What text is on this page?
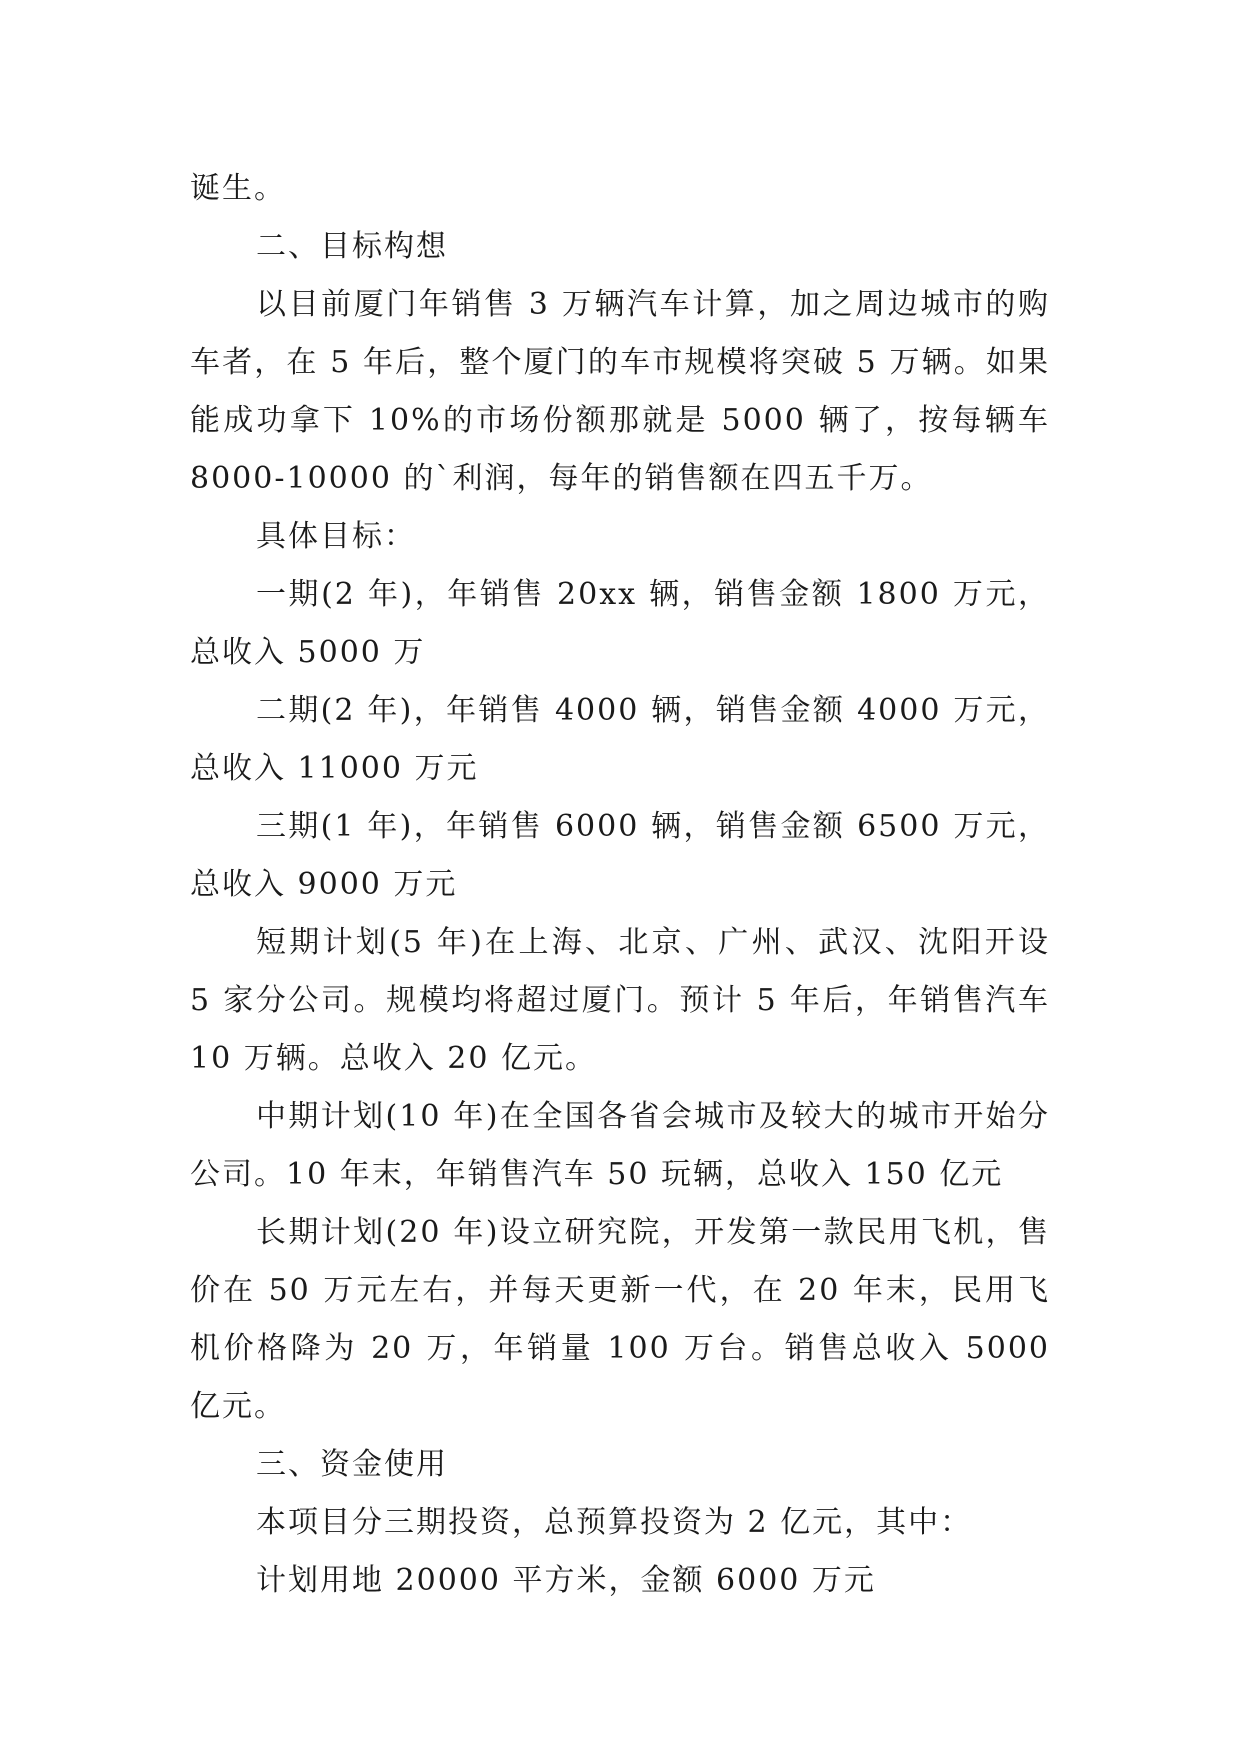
诞生。

二、目标构想

以目前厦门年销售 3 万辆汽车计算，加之周边城市的购车者，在 5 年后，整个厦门的车市规模将突破 5 万辆。如果能成功拿下 10%的市场份额那就是 5000 辆了，按每辆车 8000-10000 的`利润，每年的销售额在四五千万。

具体目标：

一期(2 年)，年销售 20xx 辆，销售金额 1800 万元，总收入 5000 万

二期(2 年)，年销售 4000 辆，销售金额 4000 万元，总收入 11000 万元

三期(1 年)，年销售 6000 辆，销售金额 6500 万元，总收入 9000 万元

短期计划(5 年)在上海、北京、广州、武汉、沈阳开设 5 家分公司。规模均将超过厦门。预计 5 年后，年销售汽车 10 万辆。总收入 20 亿元。

中期计划(10 年)在全国各省会城市及较大的城市开始分公司。10 年末，年销售汽车 50 玩辆，总收入 150 亿元

长期计划(20 年)设立研究院，开发第一款民用飞机，售价在 50 万元左右，并每天更新一代，在 20 年末，民用飞机价格降为 20 万，年销量 100 万台。销售总收入 5000 亿元。

三、资金使用

本项目分三期投资，总预算投资为 2 亿元，其中：

计划用地 20000 平方米，金额 6000 万元
